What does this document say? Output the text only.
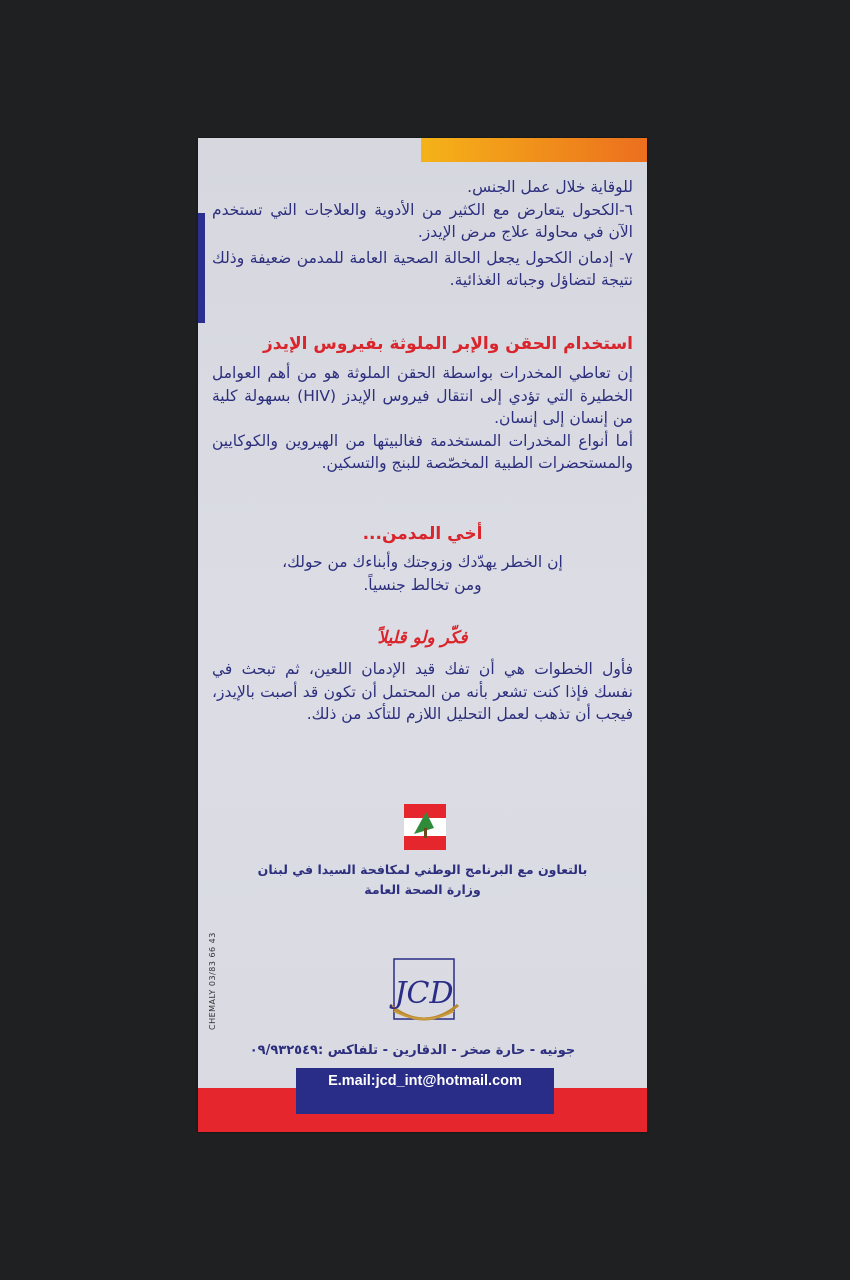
للوقاية خلال عمل الجنس.
٦-الكحول يتعارض مع الكثير من الأدوية والعلاجات التي تستخدم الآن في محاولة علاج مرض الإيدز.
٧- إدمان الكحول يجعل الحالة الصحية العامة للمدمن ضعيفة وذلك نتيجة لتضاؤل وجباته الغذائية.
استخدام الحقن والإبر الملوثة بفيروس الإيدز
إن تعاطي المخدرات بواسطة الحقن الملوثة هو من أهم العوامل الخطيرة التي تؤدي إلى انتقال فيروس الإيدز (HIV) بسهولة كلية من إنسان إلى إنسان.
أما أنواع المخدرات المستخدمة فغالبيتها من الهيروين والكوكايين والمستحضرات الطبية المخصّصة للبنج والتسكين.
أخي المدمن...
إن الخطر يهدّدك وزوجتك وأبناءك من حولك،
ومن تخالط جنسياً.
فكّر ولو قليلاً
فأول الخطوات هي أن تفك قيد الإدمان اللعين، ثم تبحث في نفسك فإذا كنت تشعر بأنه من المحتمل أن تكون قد أصبت بالإيدز، فيجب أن تذهب لعمل التحليل اللازم للتأكد من ذلك.
بالتعاون مع البرنامج الوطني لمكافحة السيدا في لبنان
وزارة الصحة العامة
CHEMALY 03/83 66 43	JCD
جونيه - حارة صخر - الدقارين - تلفاكس :٠٩/٩٣٢٥٤٩
E.mail:jcd_int@hotmail.com
